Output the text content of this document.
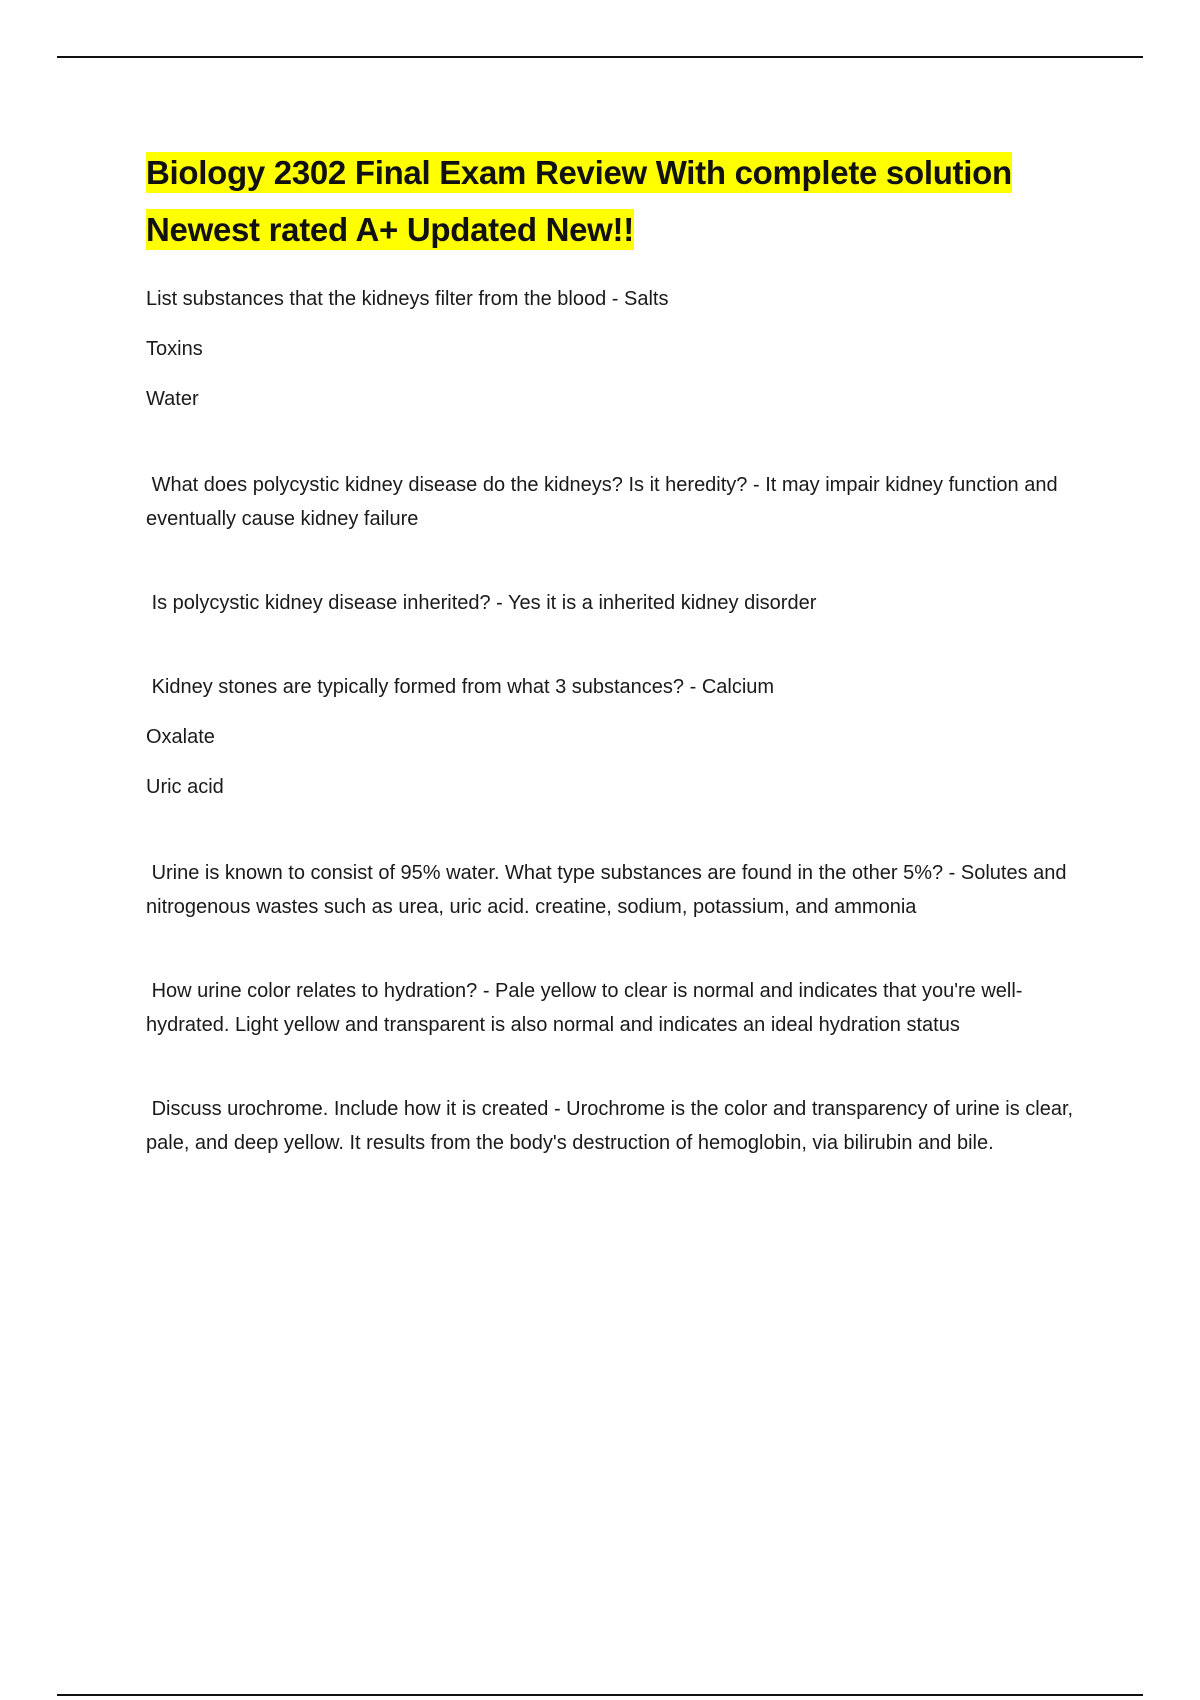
Biology 2302 Final Exam Review With complete solution
Newest rated A+ Updated New!!
List substances that the kidneys filter from the blood - Salts
Toxins
Water
What does polycystic kidney disease do the kidneys? Is it heredity? - It may impair kidney function and eventually cause kidney failure
Is polycystic kidney disease inherited? - Yes it is a inherited kidney disorder
Kidney stones are typically formed from what 3 substances? - Calcium
Oxalate
Uric acid
Urine is known to consist of 95% water. What type substances are found in the other 5%? - Solutes and nitrogenous wastes such as urea, uric acid. creatine, sodium, potassium, and ammonia
How urine color relates to hydration? - Pale yellow to clear is normal and indicates that you're well-hydrated. Light yellow and transparent is also normal and indicates an ideal hydration status
Discuss urochrome. Include how it is created - Urochrome is the color and transparency of urine is clear, pale, and deep yellow. It results from the body's destruction of hemoglobin, via bilirubin and bile.
